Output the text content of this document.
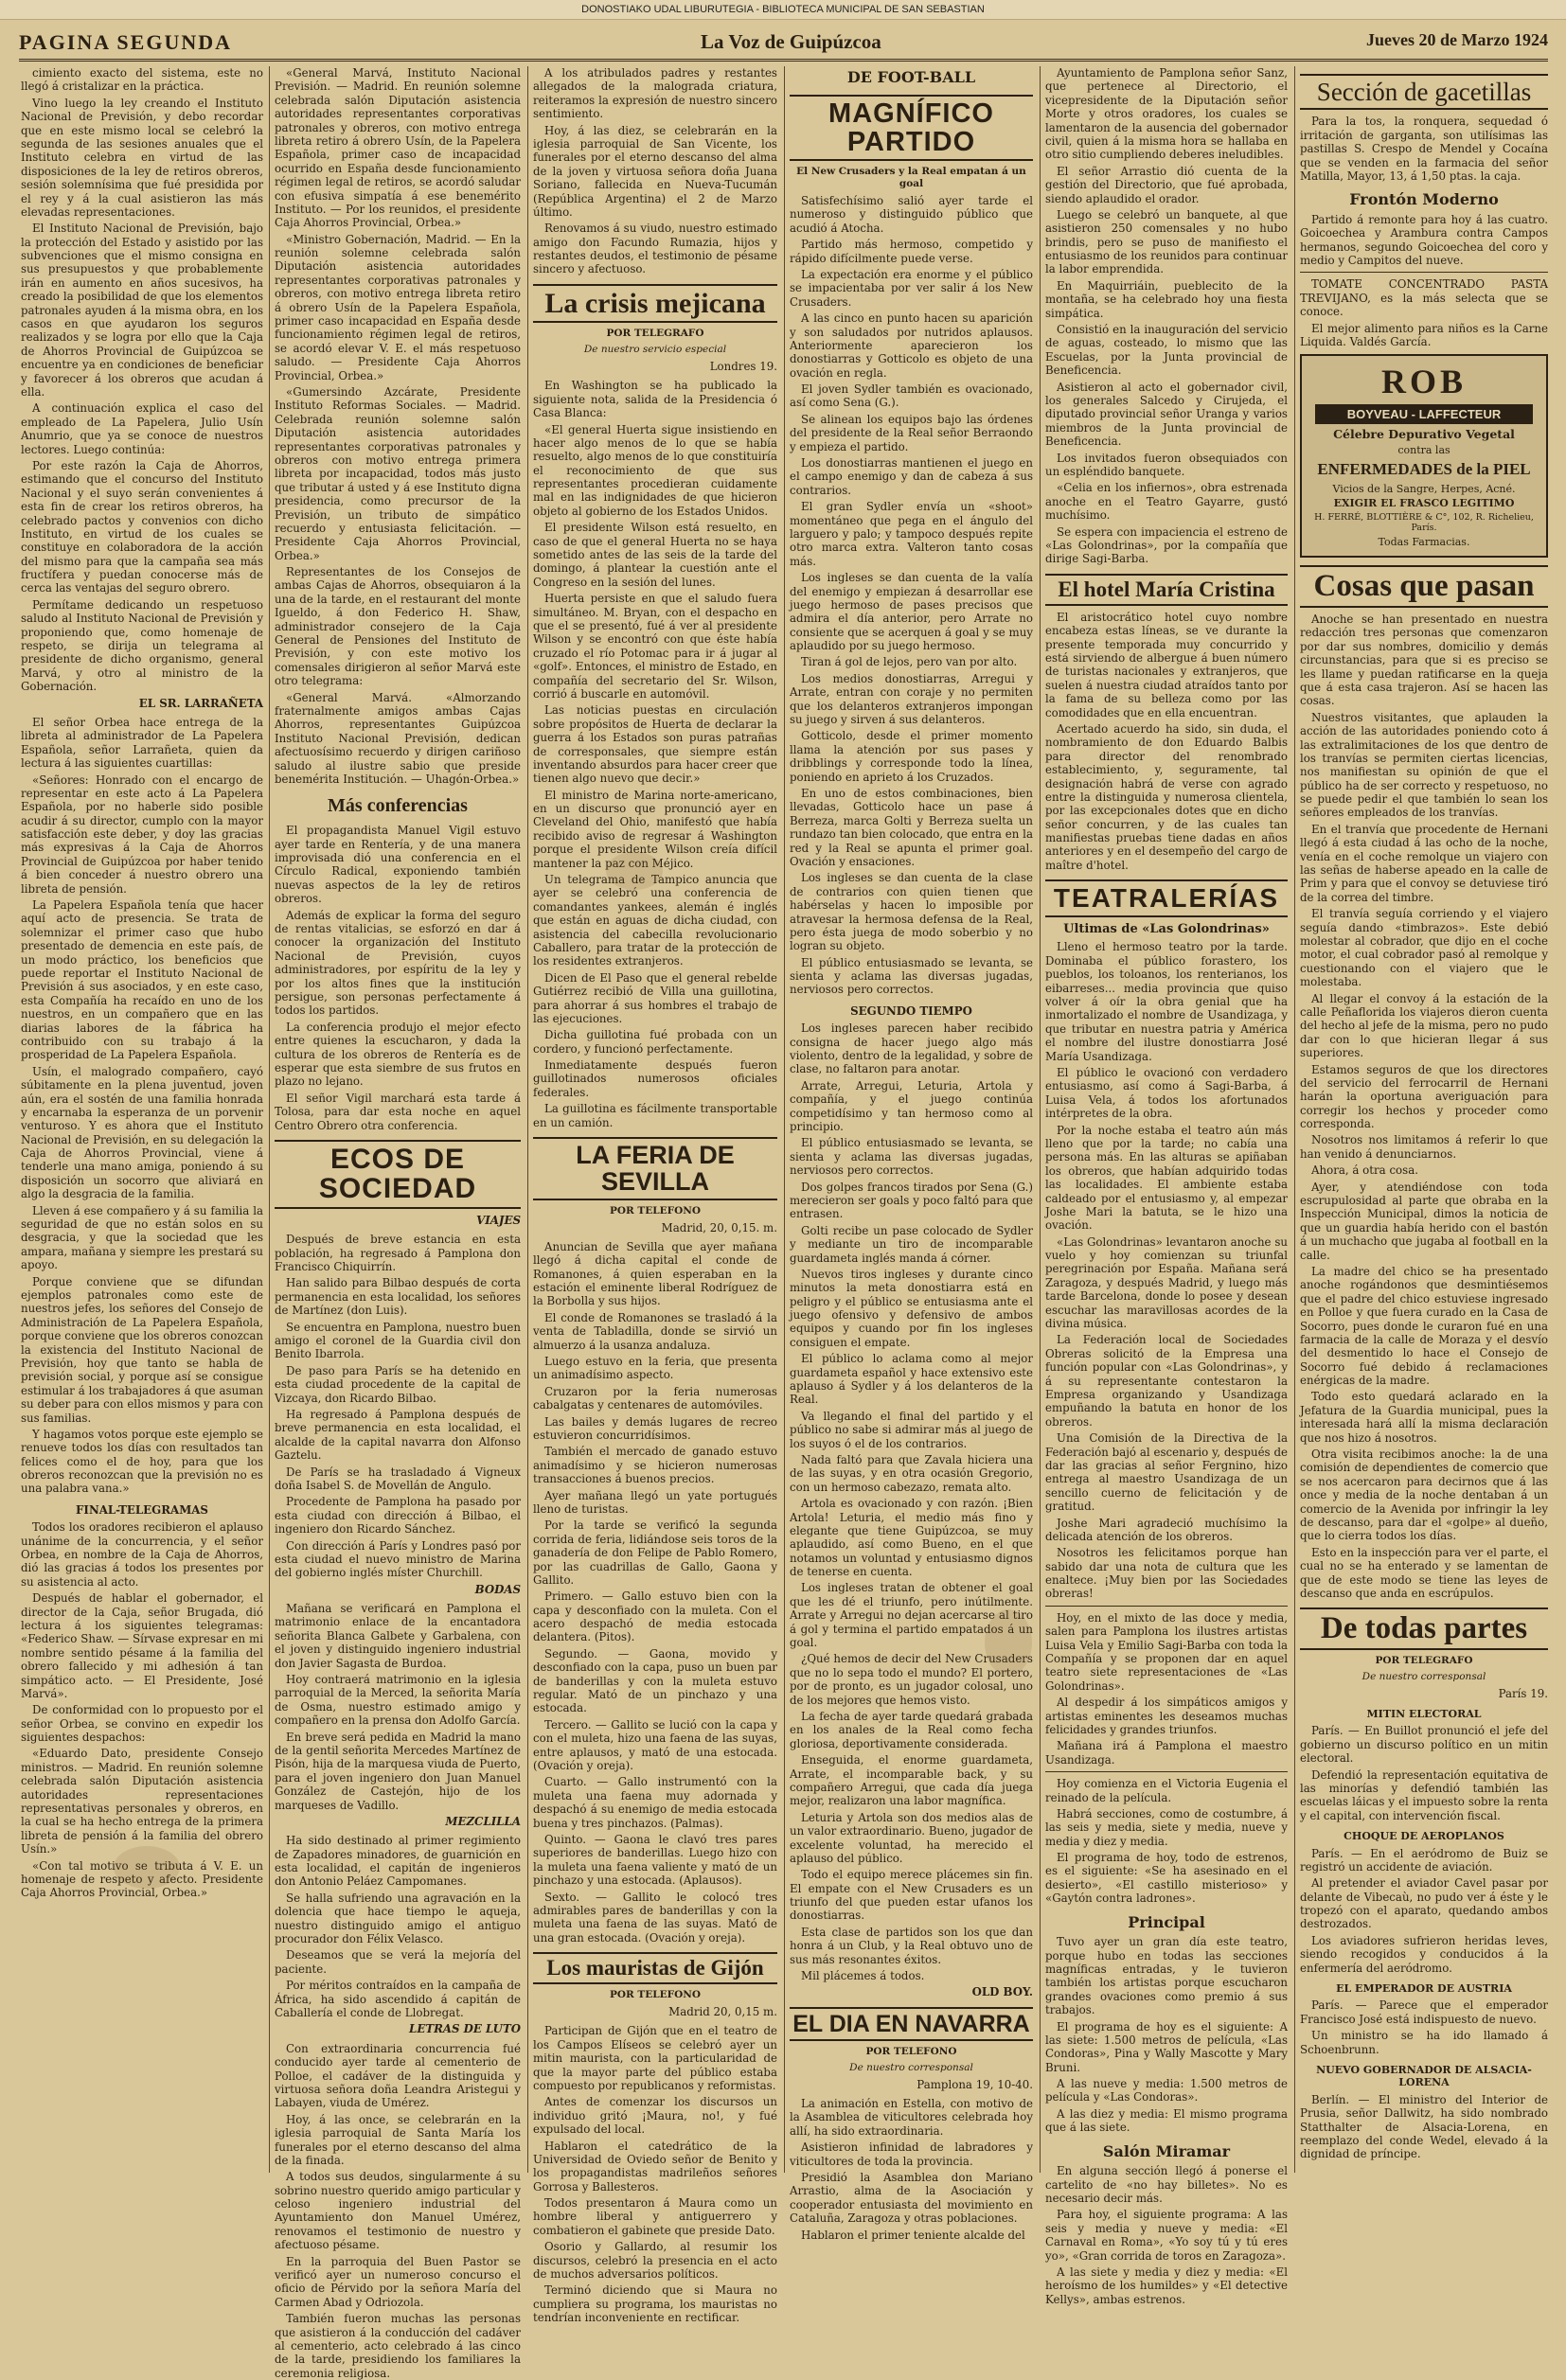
DONOSTIAKO UDAL LIBURUTEGIA - BIBLIOTECA MUNICIPAL DE SAN SEBASTIAN
PAGINA SEGUNDA	La Voz de Guipúzcoa	Jueves 20 de Marzo 1924

cimiento exacto del sistema, este no llegó á cristalizar en la práctica.

Vino luego la ley creando el Instituto Nacional de Previsión, y debo recordar que en este mismo local se celebró la segunda de las sesiones anuales que el Instituto celebra en virtud de las disposiciones de la ley de retiros obreros, sesión solemnísima que fué presidida por el rey y á la cual asistieron las más elevadas representaciones.

El Instituto Nacional de Previsión, bajo la protección del Estado y asistido por las subvenciones que el mismo consigna en sus presupuestos y que probablemente irán en aumento en años sucesivos, ha creado la posibilidad de que los elementos patronales ayuden á la misma obra, en los casos en que ayudaron los seguros realizados y se logra por ello que la Caja de Ahorros Provincial de Guipúzcoa se encuentre ya en condiciones de beneficiar y favorecer á los obreros que acudan á ella.

A continuación explica el caso del empleado de La Papelera, Julio Usín Anumrio, que ya se conoce de nuestros lectores. Luego continúa:

Por este razón la Caja de Ahorros, estimando que el concurso del Instituto Nacional y el suyo serán convenientes á esta fin de crear los retiros obreros, ha celebrado pactos y convenios con dicho Instituto, en virtud de los cuales se constituye en colaboradora de la acción del mismo para que la campaña sea más fructífera y puedan conocerse más de cerca las ventajas del seguro obrero.

Permítame dedicando un respetuoso saludo al Instituto Nacional de Previsión y proponiendo que, como homenaje de respeto, se dirija un telegrama al presidente de dicho organismo, general Marvá, y otro al ministro de la Gobernación.

EL SR. LARRAÑETA

El señor Orbea hace entrega de la libreta al administrador de La Papelera Española, señor Larrañeta, quien da lectura á las siguientes cuartillas:

«Señores: Honrado con el encargo de representar en este acto á La Papelera Española, por no haberle sido posible acudir á su director, cumplo con la mayor satisfacción este deber, y doy las gracias más expresivas á la Caja de Ahorros Provincial de Guipúzcoa por haber tenido á bien conceder á nuestro obrero una libreta de pensión.

La Papelera Española tenía que hacer aquí acto de presencia. Se trata de solemnizar el primer caso que hubo presentado de demencia en este país, de un modo práctico, los beneficios que puede reportar el Instituto Nacional de Previsión á sus asociados, y en este caso, esta Compañía ha recaído en uno de los nuestros, en un compañero que en las diarias labores de la fábrica ha contribuido con su trabajo á la prosperidad de La Papelera Española.

Usín, el malogrado compañero, cayó súbitamente en la plena juventud, joven aún, era el sostén de una familia honrada y encarnaba la esperanza de un porvenir venturoso. Y es ahora que el Instituto Nacional de Previsión, en su delegación la Caja de Ahorros Provincial, viene á tenderle una mano amiga, poniendo á su disposición un socorro que aliviará en algo la desgracia de la familia.

Lleven á ese compañero y á su familia la seguridad de que no están solos en su desgracia, y que la sociedad que les ampara, mañana y siempre les prestará su apoyo.

Porque conviene que se difundan ejemplos patronales como este de nuestros jefes, los señores del Consejo de Administración de La Papelera Española, porque conviene que los obreros conozcan la existencia del Instituto Nacional de Previsión, hoy que tanto se habla de previsión social, y porque así se consigue estimular á los trabajadores á que asuman su deber para con ellos mismos y para con sus familias.

Y hagamos votos porque este ejemplo se renueve todos los días con resultados tan felices como el de hoy, para que los obreros reconozcan que la previsión no es una palabra vana.»

FINAL-TELEGRAMAS

Todos los oradores recibieron el aplauso unánime de la concurrencia, y el señor Orbea, en nombre de la Caja de Ahorros, dió las gracias á todos los presentes por su asistencia al acto.

Después de hablar el gobernador, el director de la Caja, señor Brugada, dió lectura á los siguientes telegramas: «Federico Shaw. — Sírvase expresar en mi nombre sentido pésame á la familia del obrero fallecido y mi adhesión á tan simpático acto. — El Presidente, José Marvá».

De conformidad con lo propuesto por el señor Orbea, se convino en expedir los siguientes despachos:

«Eduardo Dato, presidente Consejo ministros. — Madrid. En reunión solemne celebrada salón Diputación asistencia autoridades representaciones representativas personales y obreros, en la cual se ha hecho entrega de la primera libreta de pensión á la familia del obrero Usín.»

«Con tal motivo se tributa á V. E. un homenaje de respeto y afecto. Presidente Caja Ahorros Provincial, Orbea.»

«General Marvá, Instituto Nacional Previsión. — Madrid. En reunión solemne celebrada salón Diputación asistencia autoridades representantes corporativas patronales y obreros, con motivo entrega libreta retiro á obrero Usín, de la Papelera Española, primer caso de incapacidad ocurrido en España desde funcionamiento régimen legal de retiros, se acordó saludar con efusiva simpatía á ese benemérito Instituto. — Por los reunidos, el presidente Caja Ahorros Provincial, Orbea.»

«Ministro Gobernación, Madrid. — En la reunión solemne celebrada salón Diputación asistencia autoridades representantes corporativas patronales y obreros, con motivo entrega libreta retiro á obrero Usín de la Papelera Española, primer caso incapacidad en España desde funcionamiento régimen legal de retiros, se acordó elevar V. E. el más respetuoso saludo. — Presidente Caja Ahorros Provincial, Orbea.»

«Gumersindo Azcárate, Presidente Instituto Reformas Sociales. — Madrid. Celebrada reunión solemne salón Diputación asistencia autoridades representantes corporativas patronales y obreros con motivo entrega primera libreta por incapacidad, todos más justo que tributar á usted y á ese Instituto digna presidencia, como precursor de la Previsión, un tributo de simpático recuerdo y entusiasta felicitación. — Presidente Caja Ahorros Provincial, Orbea.»

Representantes de los Consejos de ambas Cajas de Ahorros, obsequiaron á la una de la tarde, en el restaurant del monte Igueldo, á don Federico H. Shaw, administrador consejero de la Caja General de Pensiones del Instituto de Previsión, y con este motivo los comensales dirigieron al señor Marvá este otro telegrama:

«General Marvá. «Almorzando fraternalmente amigos ambas Cajas Ahorros, representantes Guipúzcoa Instituto Nacional Previsión, dedican afectuosísimo recuerdo y dirigen cariñoso saludo al ilustre sabio que preside benemérita Institución. — Uhagón-Orbea.»

Más conferencias

El propagandista Manuel Vigil estuvo ayer tarde en Rentería, y de una manera improvisada dió una conferencia en el Círculo Radical, exponiendo también nuevas aspectos de la ley de retiros obreros.

Además de explicar la forma del seguro de rentas vitalicias, se esforzó en dar á conocer la organización del Instituto Nacional de Previsión, cuyos administradores, por espíritu de la ley y por los altos fines que la institución persigue, son personas perfectamente á todos los partidos.

La conferencia produjo el mejor efecto entre quienes la escucharon, y dada la cultura de los obreros de Rentería es de esperar que esta siembre de sus frutos en plazo no lejano.

El señor Vigil marchará esta tarde á Tolosa, para dar esta noche en aquel Centro Obrero otra conferencia.

ECOS DE SOCIEDAD
VIAJES

Después de breve estancia en esta población, ha regresado á Pamplona don Francisco Chiquirrín.

Han salido para Bilbao después de corta permanencia en esta localidad, los señores de Martínez (don Luis).

Se encuentra en Pamplona, nuestro buen amigo el coronel de la Guardia civil don Benito Ibarrola.

De paso para París se ha detenido en esta ciudad procedente de la capital de Vizcaya, don Ricardo Bilbao.

Ha regresado á Pamplona después de breve permanencia en esta localidad, el alcalde de la capital navarra don Alfonso Gaztelu.

De París se ha trasladado á Vigneux doña Isabel S. de Movellán de Angulo.

Procedente de Pamplona ha pasado por esta ciudad con dirección á Bilbao, el ingeniero don Ricardo Sánchez.

Con dirección á París y Londres pasó por esta ciudad el nuevo ministro de Marina del gobierno inglés míster Churchill.

BODAS

Mañana se verificará en Pamplona el matrimonio enlace de la encantadora señorita Blanca Galbete y Garbalena, con el joven y distinguido ingeniero industrial don Javier Sagasta de Burdoa.

Hoy contraerá matrimonio en la iglesia parroquial de la Merced, la señorita María de Osma, nuestro estimado amigo y compañero en la prensa don Adolfo García.

En breve será pedida en Madrid la mano de la gentil señorita Mercedes Martínez de Pisón, hija de la marquesa viuda de Puerto, para el joven ingeniero don Juan Manuel González de Castejón, hijo de los marqueses de Vadillo.

MEZCLILLA

Ha sido destinado al primer regimiento de Zapadores minadores, de guarnición en esta localidad, el capitán de ingenieros don Antonio Peláez Campomanes.

Se halla sufriendo una agravación en la dolencia que hace tiempo le aqueja, nuestro distinguido amigo el antiguo procurador don Félix Velasco.

Deseamos que se verá la mejoría del paciente.

Por méritos contraídos en la campaña de África, ha sido ascendido á capitán de Caballería el conde de Llobregat.

LETRAS DE LUTO

Con extraordinaria concurrencia fué conducido ayer tarde al cementerio de Polloe, el cadáver de la distinguida y virtuosa señora doña Leandra Aristegui y Labayen, viuda de Umérez.

Hoy, á las once, se celebrarán en la iglesia parroquial de Santa María los funerales por el eterno descanso del alma de la finada.

A todos sus deudos, singularmente á su sobrino nuestro querido amigo particular y celoso ingeniero industrial del Ayuntamiento don Manuel Umérez, renovamos el testimonio de nuestro y afectuoso pésame.

En la parroquia del Buen Pastor se verificó ayer un numeroso concurso el oficio de Pérvido por la señora María del Carmen Abad y Odriozola.

También fueron muchas las personas que asistieron á la conducción del cadáver al cementerio, acto celebrado á las cinco de la tarde, presidiendo los familiares la ceremonia religiosa.

A los atribulados padres y restantes allegados de la malograda criatura, reiteramos la expresión de nuestro sincero sentimiento.

Hoy, á las diez, se celebrarán en la iglesia parroquial de San Vicente, los funerales por el eterno descanso del alma de la joven y virtuosa señora doña Juana Soriano, fallecida en Nueva-Tucumán (República Argentina) el 2 de Marzo último.

Renovamos á su viudo, nuestro estimado amigo don Facundo Rumazia, hijos y restantes deudos, el testimonio de pésame sincero y afectuoso.

La crisis mejicana
POR TELEGRAFO
De nuestro servicio especial
Londres 19.

En Washington se ha publicado la siguiente nota, salida de la Presidencia ó Casa Blanca:

«El general Huerta sigue insistiendo en hacer algo menos de lo que se había resuelto, algo menos de lo que constituiría el reconocimiento de que sus representantes procedieran cuidamente mal en las indignidades de que hicieron objeto al gobierno de los Estados Unidos.

El presidente Wilson está resuelto, en caso de que el general Huerta no se haya sometido antes de las seis de la tarde del domingo, á plantear la cuestión ante el Congreso en la sesión del lunes.

Huerta persiste en que el saludo fuera simultáneo. M. Bryan, con el despacho en que el se presentó, fué á ver al presidente Wilson y se encontró con que éste había cruzado el río Potomac para ir á jugar al «golf». Entonces, el ministro de Estado, en compañía del secretario del Sr. Wilson, corrió á buscarle en automóvil.

Las noticias puestas en circulación sobre propósitos de Huerta de declarar la guerra á los Estados son puras patrañas de corresponsales, que siempre están inventando absurdos para hacer creer que tienen algo nuevo que decir.»

El ministro de Marina norte-americano, en un discurso que pronunció ayer en Cleveland del Ohio, manifestó que había recibido aviso de regresar á Washington porque el presidente Wilson creía difícil mantener la paz con Méjico.

Un telegrama de Tampico anuncia que ayer se celebró una conferencia de comandantes yankees, alemán é inglés que están en aguas de dicha ciudad, con asistencia del cabecilla revolucionario Caballero, para tratar de la protección de los residentes extranjeros.

Dicen de El Paso que el general rebelde Gutiérrez recibió de Villa una guillotina, para ahorrar á sus hombres el trabajo de las ejecuciones.

Dicha guillotina fué probada con un cordero, y funcionó perfectamente.

Inmediatamente después fueron guillotinados numerosos oficiales federales.

La guillotina es fácilmente transportable en un camión.

LA FERIA DE SEVILLA
POR TELEFONO
Madrid, 20, 0,15. m.

Anuncian de Sevilla que ayer mañana llegó á dicha capital el conde de Romanones, á quien esperaban en la estación el eminente liberal Rodríguez de la Borbolla y sus hijos.

El conde de Romanones se trasladó á la venta de Tabladilla, donde se sirvió un almuerzo á la usanza andaluza.

Luego estuvo en la feria, que presenta un animadísimo aspecto.

Cruzaron por la feria numerosas cabalgatas y centenares de automóviles.

Las bailes y demás lugares de recreo estuvieron concurridísimos.

También el mercado de ganado estuvo animadísimo y se hicieron numerosas transacciones á buenos precios.

Ayer mañana llegó un yate portugués lleno de turistas.

Por la tarde se verificó la segunda corrida de feria, lidiándose seis toros de la ganadería de don Felipe de Pablo Romero, por las cuadrillas de Gallo, Gaona y Gallito.

Primero. — Gallo estuvo bien con la capa y desconfiado con la muleta. Con el acero despachó de media estocada delantera. (Pitos).

Segundo. — Gaona, movido y desconfiado con la capa, puso un buen par de banderillas y con la muleta estuvo regular. Mató de un pinchazo y una estocada.

Tercero. — Gallito se lució con la capa y con el muleta, hizo una faena de las suyas, entre aplausos, y mató de una estocada. (Ovación y oreja).

Cuarto. — Gallo instrumentó con la muleta una faena muy adornada y despachó á su enemigo de media estocada buena y tres pinchazos. (Palmas).

Quinto. — Gaona le clavó tres pares superiores de banderillas. Luego hizo con la muleta una faena valiente y mató de un pinchazo y una estocada. (Aplausos).

Sexto. — Gallito le colocó tres admirables pares de banderillas y con la muleta una faena de las suyas. Mató de una gran estocada. (Ovación y oreja).

Los mauristas de Gijón
POR TELEFONO
Madrid 20, 0,15 m.

Participan de Gijón que en el teatro de los Campos Elíseos se celebró ayer un mitin maurista, con la particularidad de que la mayor parte del público estaba compuesto por republicanos y reformistas.

Antes de comenzar los discursos un individuo gritó ¡Maura, no!, y fué expulsado del local.

Hablaron el catedrático de la Universidad de Oviedo señor de Benito y los propagandistas madrileños señores Gorrosa y Ballesteros.

Todos presentaron á Maura como un hombre liberal y antiguerrero y combatieron el gabinete que preside Dato.

Osorio y Gallardo, al resumir los discursos, celebró la presencia en el acto de muchos adversarios políticos.

Terminó diciendo que si Maura no cumpliera su programa, los mauristas no tendrían inconveniente en rectificar.

DE FOOT-BALL
MAGNÍFICO PARTIDO
El New Crusaders y la Real empatan á un goal

Satisfechísimo salió ayer tarde el numeroso y distinguido público que acudió á Atocha.

Partido más hermoso, competido y rápido difícilmente puede verse.

La expectación era enorme y el público se impacientaba por ver salir á los New Crusaders.

A las cinco en punto hacen su aparición y son saludados por nutridos aplausos. Anteriormente aparecieron los donostiarras y Gotticolo es objeto de una ovación en regla.

El joven Sydler también es ovacionado, así como Sena (G.).

Se alinean los equipos bajo las órdenes del presidente de la Real señor Berraondo y empieza el partido.

Los donostiarras mantienen el juego en el campo enemigo y dan de cabeza á sus contrarios.

El gran Sydler envía un «shoot» momentáneo que pega en el ángulo del larguero y palo; y tampoco después repite otro marca extra. Valteron tanto cosas más.

Los ingleses se dan cuenta de la valía del enemigo y empiezan á desarrollar ese juego hermoso de pases precisos que admira el día anterior, pero Arrate no consiente que se acerquen á goal y se muy aplaudido por su juego hermoso.

Tiran á gol de lejos, pero van por alto.

Los medios donostiarras, Arregui y Arrate, entran con coraje y no permiten que los delanteros extranjeros impongan su juego y sirven á sus delanteros.

Gotticolo, desde el primer momento llama la atención por sus pases y dribblings y corresponde todo la línea, poniendo en aprieto á los Cruzados.

En uno de estos combinaciones, bien llevadas, Gotticolo hace un pase á Berreza, marca Golti y Berreza suelta un rundazo tan bien colocado, que entra en la red y la Real se apunta el primer goal. Ovación y ensaciones.

Los ingleses se dan cuenta de la clase de contrarios con quien tienen que habérselas y hacen lo imposible por atravesar la hermosa defensa de la Real, pero ésta juega de modo soberbio y no logran su objeto.

El público entusiasmado se levanta, se sienta y aclama las diversas jugadas, nerviosos pero correctos.

SEGUNDO TIEMPO

Los ingleses parecen haber recibido consigna de hacer juego algo más violento, dentro de la legalidad, y sobre de clase, no faltaron para anotar.

Arrate, Arregui, Leturia, Artola y compañía, y el juego continúa competidísimo y tan hermoso como al principio.

El público entusiasmado se levanta, se sienta y aclama las diversas jugadas, nerviosos pero correctos.

Dos golpes francos tirados por Sena (G.) merecieron ser goals y poco faltó para que entrasen.

Golti recibe un pase colocado de Sydler y mediante un tiro de incomparable guardameta inglés manda á córner.

Nuevos tiros ingleses y durante cinco minutos la meta donostiarra está en peligro y el público se entusiasma ante el juego ofensivo y defensivo de ambos equipos y cuando por fin los ingleses consiguen el empate.

El público lo aclama como al mejor guardameta español y hace extensivo este aplauso á Sydler y á los delanteros de la Real.

Va llegando el final del partido y el público no sabe si admirar más al juego de los suyos ó el de los contrarios.

Nada faltó para que Zavala hiciera una de las suyas, y en otra ocasión Gregorio, con un hermoso cabezazo, remata alto.

Artola es ovacionado y con razón. ¡Bien Artola! Leturia, el medio más fino y elegante que tiene Guipúzcoa, se muy aplaudido, así como Bueno, en el que notamos un voluntad y entusiasmo dignos de tenerse en cuenta.

Los ingleses tratan de obtener el goal que les dé el triunfo, pero inútilmente. Arrate y Arregui no dejan acercarse al tiro á gol y termina el partido empatados á un goal.

¿Qué hemos de decir del New Crusaders que no lo sepa todo el mundo? El portero, por de pronto, es un jugador colosal, uno de los mejores que hemos visto.

La fecha de ayer tarde quedará grabada en los anales de la Real como fecha gloriosa, deportivamente considerada.

Enseguida, el enorme guardameta, Arrate, el incomparable back, y su compañero Arregui, que cada día juega mejor, realizaron una labor magnífica.

Leturia y Artola son dos medios alas de un valor extraordinario. Bueno, jugador de excelente voluntad, ha merecido el aplauso del público.

Todo el equipo merece plácemes sin fin. El empate con el New Crusaders es un triunfo del que pueden estar ufanos los donostiarras.

Esta clase de partidos son los que dan honra á un Club, y la Real obtuvo uno de sus más resonantes éxitos.

Mil plácemes á todos.

OLD BOY.
EL DIA EN NAVARRA
POR TELEFONO
De nuestro corresponsal
Pamplona 19, 10-40.

La animación en Estella, con motivo de la Asamblea de viticultores celebrada hoy allí, ha sido extraordinaria.

Asistieron infinidad de labradores y viticultores de toda la provincia.

Presidió la Asamblea don Mariano Arrastio, alma de la Asociación y cooperador entusiasta del movimiento en Cataluña, Zaragoza y otras poblaciones.

Hablaron el primer teniente alcalde del

Ayuntamiento de Pamplona señor Sanz, que pertenece al Directorio, el vicepresidente de la Diputación señor Morte y otros oradores, los cuales se lamentaron de la ausencia del gobernador civil, quien á la misma hora se hallaba en otro sitio cumpliendo deberes ineludibles.

El señor Arrastio dió cuenta de la gestión del Directorio, que fué aprobada, siendo aplaudido el orador.

Luego se celebró un banquete, al que asistieron 250 comensales y no hubo brindis, pero se puso de manifiesto el entusiasmo de los reunidos para continuar la labor emprendida.

En Maquirriáin, pueblecito de la montaña, se ha celebrado hoy una fiesta simpática.

Consistió en la inauguración del servicio de aguas, costeado, lo mismo que las Escuelas, por la Junta provincial de Beneficencia.

Asistieron al acto el gobernador civil, los generales Salcedo y Cirujeda, el diputado provincial señor Uranga y varios miembros de la Junta provincial de Beneficencia.

Los invitados fueron obsequiados con un espléndido banquete.

«Celia en los infiernos», obra estrenada anoche en el Teatro Gayarre, gustó muchísimo.

Se espera con impaciencia el estreno de «Las Golondrinas», por la compañía que dirige Sagi-Barba.

El hotel María Cristina

El aristocrático hotel cuyo nombre encabeza estas líneas, se ve durante la presente temporada muy concurrido y está sirviendo de albergue á buen número de turistas nacionales y extranjeros, que suelen á nuestra ciudad atraídos tanto por la fama de su belleza como por las comodidades que en ella encuentran.

Acertado acuerdo ha sido, sin duda, el nombramiento de don Eduardo Balbis para director del renombrado establecimiento, y, seguramente, tal designación habrá de verse con agrado entre la distinguida y numerosa clientela, por las excepcionales dotes que en dicho señor concurren, y de las cuales tan manifiestas pruebas tiene dadas en años anteriores y en el desempeño del cargo de maître d'hotel.

TEATRALERÍAS
Ultimas de «Las Golondrinas»

Lleno el hermoso teatro por la tarde. Dominaba el público forastero, los pueblos, los toloanos, los renterianos, los eibarreses... media provincia que quiso volver á oír la obra genial que ha inmortalizado el nombre de Usandizaga, y que tributar en nuestra patria y América el nombre del ilustre donostiarra José María Usandizaga.

El público le ovacionó con verdadero entusiasmo, así como á Sagi-Barba, á Luisa Vela, á todos los afortunados intérpretes de la obra.

Por la noche estaba el teatro aún más lleno que por la tarde; no cabía una persona más. En las alturas se apiñaban los obreros, que habían adquirido todas las localidades. El ambiente estaba caldeado por el entusiasmo y, al empezar Joshe Mari la batuta, se le hizo una ovación.

«Las Golondrinas» levantaron anoche su vuelo y hoy comienzan su triunfal peregrinación por España. Mañana será Zaragoza, y después Madrid, y luego más tarde Barcelona, donde lo posee y desean escuchar las maravillosas acordes de la divina música.

La Federación local de Sociedades Obreras solicitó de la Empresa una función popular con «Las Golondrinas», y á su representante contestaron la Empresa organizando y Usandizaga empuñando la batuta en honor de los obreros.

Una Comisión de la Directiva de la Federación bajó al escenario y, después de dar las gracias al señor Fergnino, hizo entrega al maestro Usandizaga de un sencillo cuerno de felicitación y de gratitud.

Joshe Mari agradeció muchísimo la delicada atención de los obreros.

Nosotros les felicitamos porque han sabido dar una nota de cultura que les enaltece. ¡Muy bien por las Sociedades obreras!

Hoy, en el mixto de las doce y media, salen para Pamplona los ilustres artistas Luisa Vela y Emilio Sagi-Barba con toda la Compañía y se proponen dar en aquel teatro siete representaciones de «Las Golondrinas».

Al despedir á los simpáticos amigos y artistas eminentes les deseamos muchas felicidades y grandes triunfos.

Mañana irá á Pamplona el maestro Usandizaga.

Hoy comienza en el Victoria Eugenia el reinado de la película.

Habrá secciones, como de costumbre, á las seis y media, siete y media, nueve y media y diez y media.

El programa de hoy, todo de estrenos, es el siguiente: «Se ha asesinado en el desierto», «El castillo misterioso» y «Gaytón contra ladrones».

Principal

Tuvo ayer un gran día este teatro, porque hubo en todas las secciones magníficas entradas, y le tuvieron también los artistas porque escucharon grandes ovaciones como premio á sus trabajos.

El programa de hoy es el siguiente: A las siete: 1.500 metros de película, «Las Condoras», Pina y Wally Mascotte y Mary Bruni.

A las nueve y media: 1.500 metros de película y «Las Condoras».

A las diez y media: El mismo programa que á las siete.

Salón Miramar

En alguna sección llegó á ponerse el cartelito de «no hay billetes». No es necesario decir más.

Para hoy, el siguiente programa: A las seis y media y nueve y media: «El Carnaval en Roma», «Yo soy tú y tú eres yo», «Gran corrida de toros en Zaragoza».

A las siete y media y diez y media: «El heroísmo de los humildes» y «El detective Kellys», ambas estrenos.

Sección de gacetillas

Para la tos, la ronquera, sequedad ó irritación de garganta, son utilísimas las pastillas S. Crespo de Mendel y Cocaína que se venden en la farmacia del señor Matilla, Mayor, 13, á 1,50 ptas. la caja.

Frontón Moderno

Partido á remonte para hoy á las cuatro. Goicoechea y Arambura contra Campos hermanos, segundo Goicoechea del coro y medio y Campitos del nueve.

TOMATE CONCENTRADO PASTA TREVIJANO, es la más selecta que se conoce.

El mejor alimento para niños es la Carne Liquida. Valdés García.

ROB
BOYVEAU - LAFFECTEUR
Célebre Depurativo Vegetal
contra las
ENFERMEDADES de la PIEL
Vicios de la Sangre, Herpes, Acné.
EXIGIR EL FRASCO LEGITIMO
H. FERRÉ, BLOTTIÈRE & C°, 102, R. Richelieu, París.
Todas Farmacias.
Cosas que pasan

Anoche se han presentado en nuestra redacción tres personas que comenzaron por dar sus nombres, domicilio y demás circunstancias, para que si es preciso se les llame y puedan ratificarse en la queja que á esta casa trajeron. Así se hacen las cosas.

Nuestros visitantes, que aplauden la acción de las autoridades poniendo coto á las extralimitaciones de los que dentro de los tranvías se permiten ciertas licencias, nos manifiestan su opinión de que el público ha de ser correcto y respetuoso, no se puede pedir el que también lo sean los señores empleados de los tranvías.

En el tranvía que procedente de Hernani llegó á esta ciudad á las ocho de la noche, venía en el coche remolque un viajero con las señas de haberse apeado en la calle de Prim y para que el convoy se detuviese tiró de la correa del timbre.

El tranvía seguía corriendo y el viajero seguía dando «timbrazos». Este debió molestar al cobrador, que dijo en el coche motor, el cual cobrador pasó al remolque y cuestionando con el viajero que le molestaba.

Al llegar el convoy á la estación de la calle Peñaflorida los viajeros dieron cuenta del hecho al jefe de la misma, pero no pudo dar con lo que hicieran llegar á sus superiores.

Estamos seguros de que los directores del servicio del ferrocarril de Hernani harán la oportuna averiguación para corregir los hechos y proceder como corresponda.

Nosotros nos limitamos á referir lo que han venido á denunciarnos.

Ahora, á otra cosa.

Ayer, y atendiéndose con toda escrupulosidad al parte que obraba en la Inspección Municipal, dimos la noticia de que un guardia había herido con el bastón á un muchacho que jugaba al football en la calle.

La madre del chico se ha presentado anoche rogándonos que desmintiésemos que el padre del chico estuviese ingresado en Polloe y que fuera curado en la Casa de Socorro, pues donde le curaron fué en una farmacia de la calle de Moraza y el desvío del desmentido lo hace el Consejo de Socorro fué debido á reclamaciones enérgicas de la madre.

Todo esto quedará aclarado en la Jefatura de la Guardia municipal, pues la interesada hará allí la misma declaración que nos hizo á nosotros.

Otra visita recibimos anoche: la de una comisión de dependientes de comercio que se nos acercaron para decirnos que á las once y media de la noche dentaban á un comercio de la Avenida por infringir la ley de descanso, para dar el «golpe» al dueño, que lo cierra todos los días.

Esto en la inspección para ver el parte, el cual no se ha enterado y se lamentan de que de este modo se tiene las leyes de descanso que anda en escrúpulos.

De todas partes
POR TELEGRAFO
De nuestro corresponsal
París 19.
MITIN ELECTORAL

París. — En Buillot pronunció el jefe del gobierno un discurso político en un mitin electoral.

Defendió la representación equitativa de las minorías y defendió también las escuelas láicas y el impuesto sobre la renta y el capital, con intervención fiscal.

CHOQUE DE AEROPLANOS

París. — En el aeródromo de Buiz se registró un accidente de aviación.

Al pretender el aviador Cavel pasar por delante de Vibecaù, no pudo ver á éste y le tropezó con el aparato, quedando ambos destrozados.

Los aviadores sufrieron heridas leves, siendo recogidos y conducidos á la enfermería del aeródromo.

EL EMPERADOR DE AUSTRIA

París. — Parece que el emperador Francisco José está indispuesto de nuevo.

Un ministro se ha ido llamado á Schoenbrunn.

NUEVO GOBERNADOR DE ALSACIA-LORENA

Berlín. — El ministro del Interior de Prusia, señor Dallwitz, ha sido nombrado Statthalter de Alsacia-Lorena, en reemplazo del conde Wedel, elevado á la dignidad de príncipe.
